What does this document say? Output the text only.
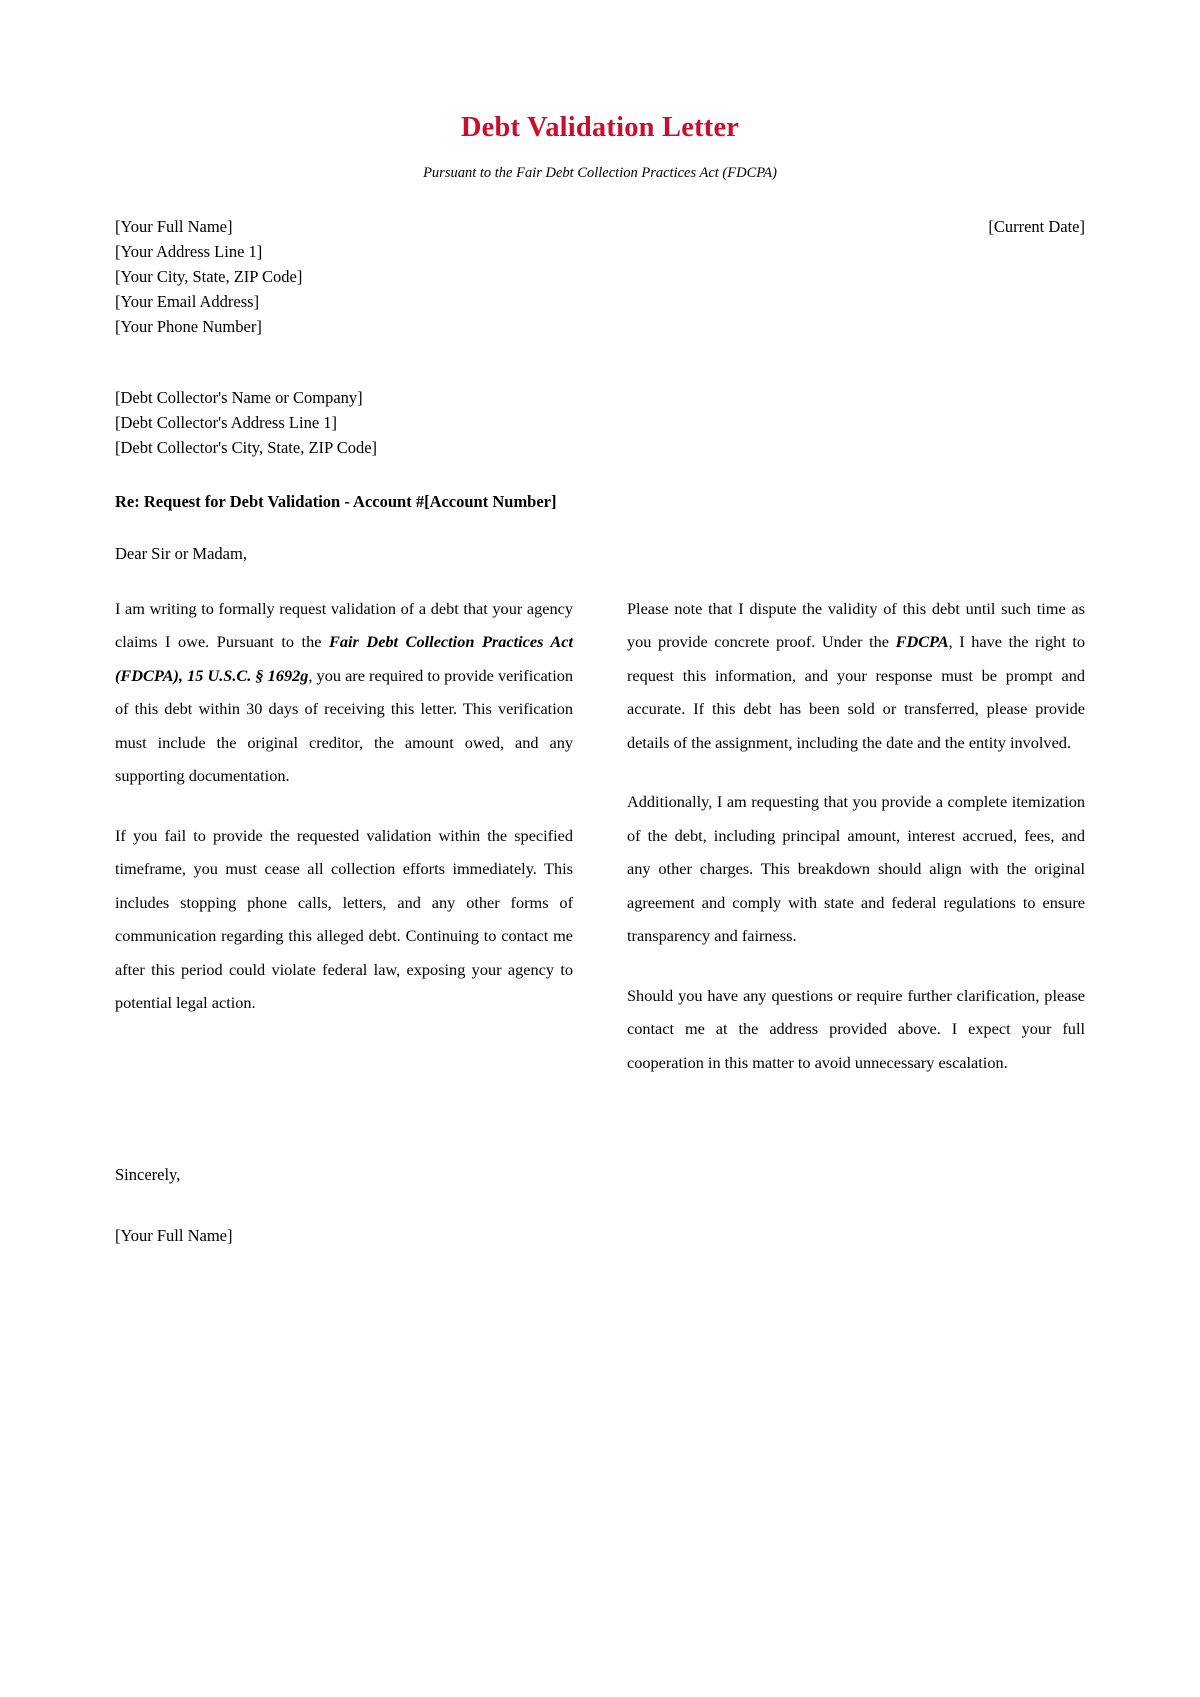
Debt Validation Letter

Pursuant to the Fair Debt Collection Practices Act (FDCPA)

[Your Full Name]
[Your Address Line 1]
[Your City, State, ZIP Code]
[Your Email Address]
[Your Phone Number]
[Current Date]
[Debt Collector's Name or Company]
[Debt Collector's Address Line 1]
[Debt Collector's City, State, ZIP Code]
Re: Request for Debt Validation - Account #[Account Number]
Dear Sir or Madam,

I am writing to formally request validation of a debt that your agency claims I owe. Pursuant to the Fair Debt Collection Practices Act (FDCPA), 15 U.S.C. § 1692g, you are required to provide verification of this debt within 30 days of receiving this letter. This verification must include the original creditor, the amount owed, and any supporting documentation.

If you fail to provide the requested validation within the specified timeframe, you must cease all collection efforts immediately. This includes stopping phone calls, letters, and any other forms of communication regarding this alleged debt. Continuing to contact me after this period could violate federal law, exposing your agency to potential legal action.

Please note that I dispute the validity of this debt until such time as you provide concrete proof. Under the FDCPA, I have the right to request this information, and your response must be prompt and accurate. If this debt has been sold or transferred, please provide details of the assignment, including the date and the entity involved.

Additionally, I am requesting that you provide a complete itemization of the debt, including principal amount, interest accrued, fees, and any other charges. This breakdown should align with the original agreement and comply with state and federal regulations to ensure transparency and fairness.

Should you have any questions or require further clarification, please contact me at the address provided above. I expect your full cooperation in this matter to avoid unnecessary escalation.

Sincerely,
[Your Full Name]
